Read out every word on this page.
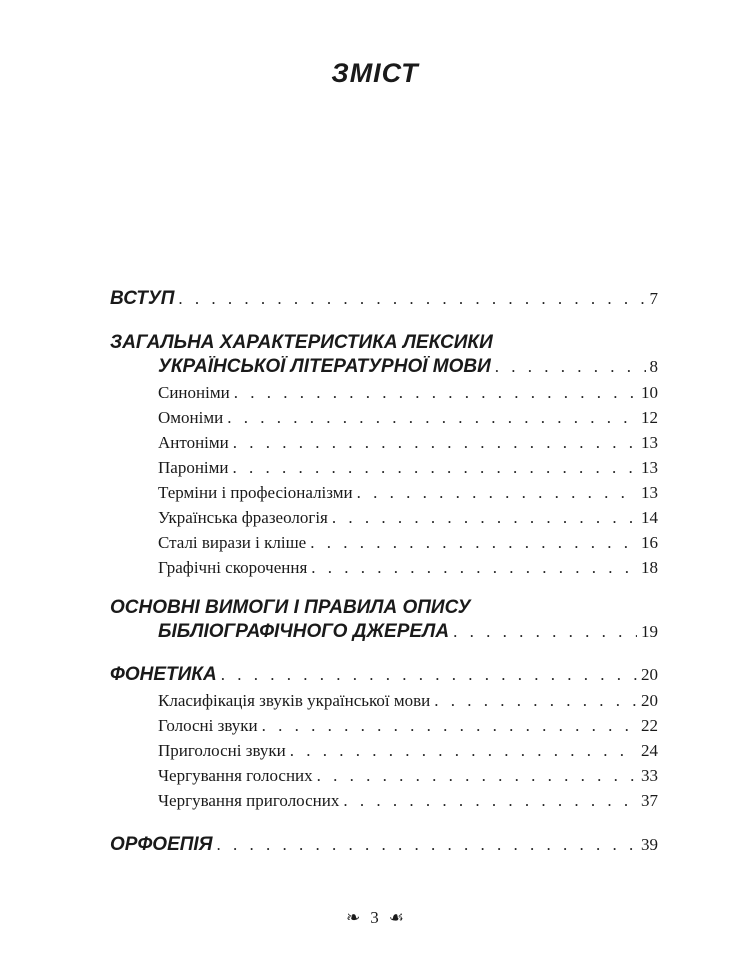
ЗМІСТ
ВСТУП . . .	7
ЗАГАЛЬНА ХАРАКТЕРИСТИКА ЛЕКСИКИ
УКРАЇНСЬКОЇ ЛІТЕРАТУРНОЇ МОВИ . . .	8
Синоніми . . .	10
Омоніми . . .	12
Антоніми . . .	13
Пароніми . . .	13
Терміни і професіоналізми . . .	13
Українська фразеологія . . .	14
Сталі вирази і кліше . . .	16
Графічні скорочення . . .	18
ОСНОВНІ ВИМОГИ І ПРАВИЛА ОПИСУ
БІБЛІОГРАФІЧНОГО ДЖЕРЕЛА . . .	19
ФОНЕТИКА . . .	20
Класифікація звуків української мови . . .	20
Голосні звуки . . .	22
Приголосні звуки . . .	24
Чергування голосних . . .	33
Чергування приголосних . . .	37
ОРФОЕПІЯ . . .	39
❧ 3 ☙
